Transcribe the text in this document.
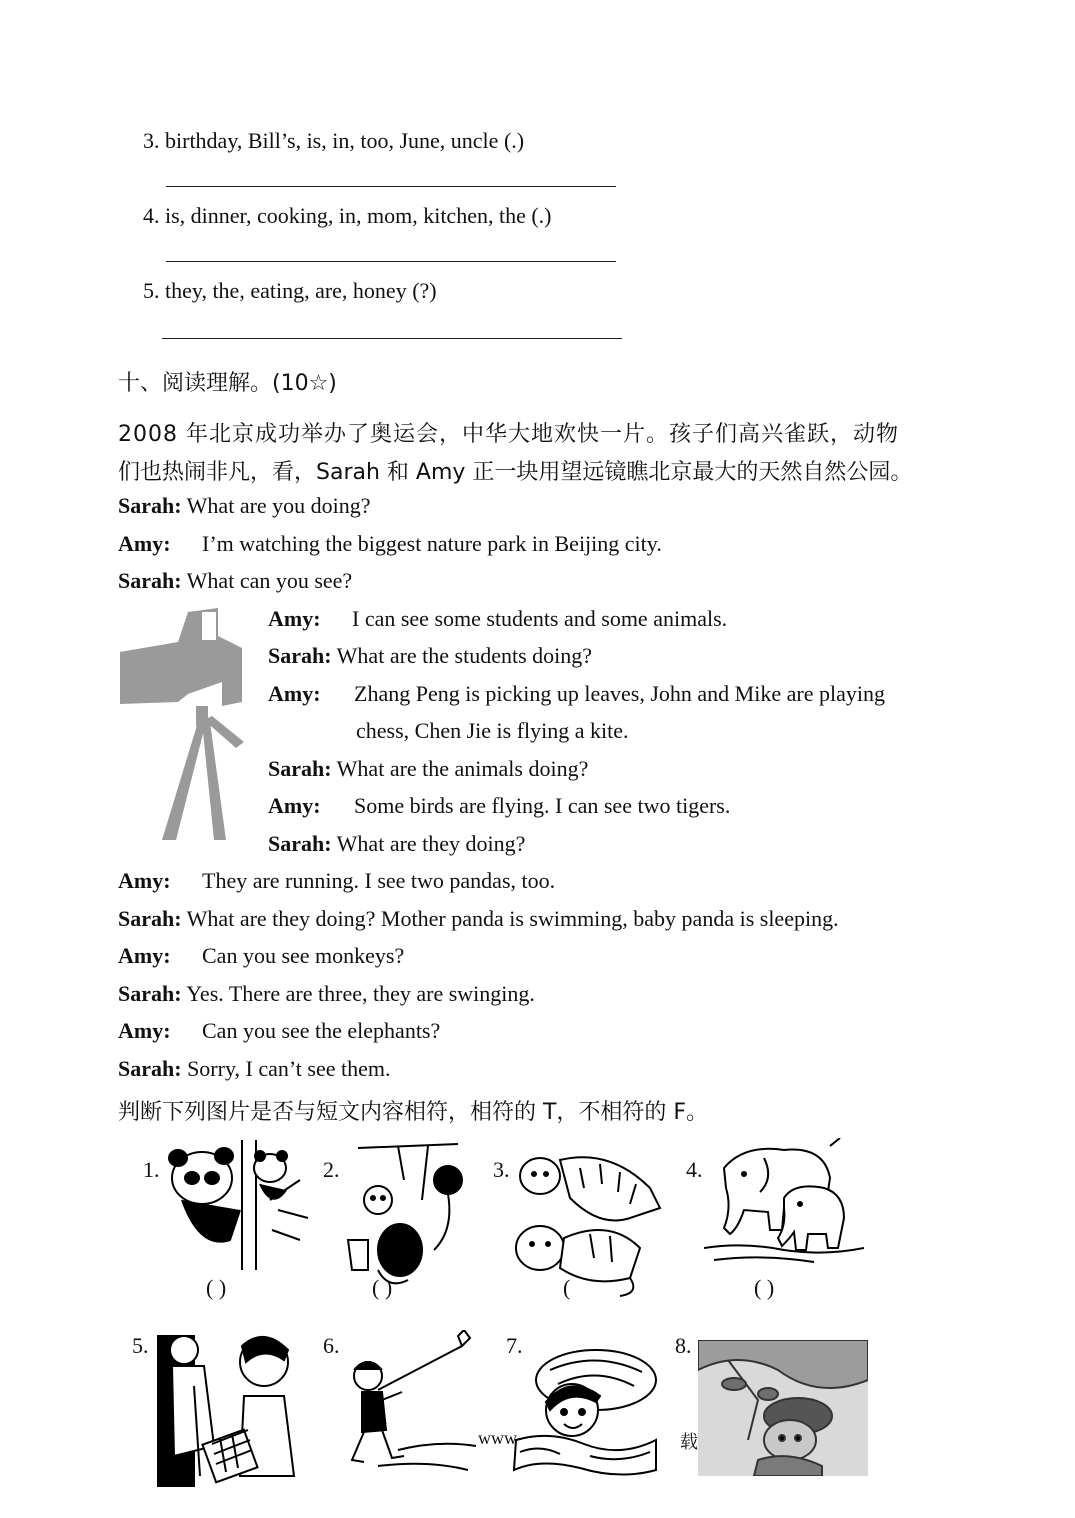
3. birthday, Bill’s, is, in, too, June, uncle (.)
4. is, dinner, cooking, in, mom, kitchen, the (.)
5. they, the, eating, are, honey (?)
十、阅读理解。(10☆)
2008 年北京成功举办了奥运会，中华大地欢快一片。孩子们高兴雀跃，动物
们也热闹非凡，看，Sarah 和 Amy 正一块用望远镜瞧北京最大的天然自然公园。
Sarah: What are you doing?
Amy: I’m watching the biggest nature park in Beijing city.
Sarah: What can you see?
Amy: I can see some students and some animals.
Sarah: What are the students doing?
Amy: Zhang Peng is picking up leaves, John and Mike are playing
chess, Chen Jie is flying a kite.
Sarah: What are the animals doing?
Amy: Some birds are flying. I can see two tigers.
Sarah: What are they doing?
Amy: They are running. I see two pandas, too.
Sarah: What are they doing? Mother panda is swimming, baby panda is sleeping.
Amy: Can you see monkeys?
Sarah: Yes. There are three, they are swinging.
Amy: Can you see the elephants?
Sarah: Sorry, I can’t see them.
判断下列图片是否与短文内容相符，相符的 T，不相符的 F。
1.
( )
2.
( )
3.
(
4.
( )
5.	6.	7.	8.
www	载
